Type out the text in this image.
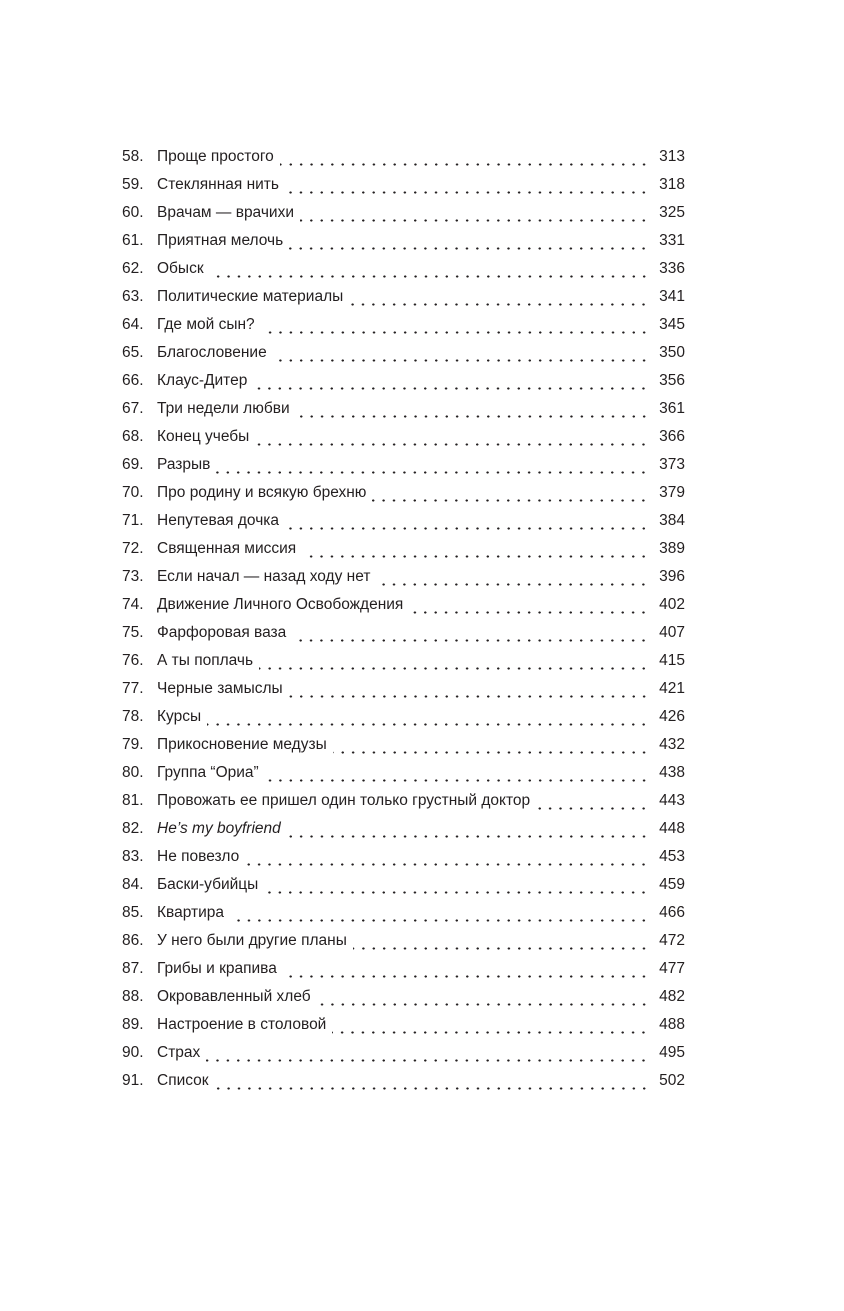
58. Проще простого	313
59. Стеклянная нить	318
60. Врачам — врачихи	325
61. Приятная мелочь	331
62. Обыск	336
63. Политические материалы	341
64. Где мой сын?	345
65. Благословение	350
66. Клаус-Дитер	356
67. Три недели любви	361
68. Конец учебы	366
69. Разрыв	373
70. Про родину и всякую брехню	379
71. Непутевая дочка	384
72. Священная миссия	389
73. Если начал — назад ходу нет	396
74. Движение Личного Освобождения	402
75. Фарфоровая ваза	407
76. А ты поплачь	415
77. Черные замыслы	421
78. Курсы	426
79. Прикосновение медузы	432
80. Группа “Ориа”	438
81. Провожать ее пришел один только грустный доктор	443
82. He’s my boyfriend	448
83. Не повезло	453
84. Баски-убийцы	459
85. Квартира	466
86. У него были другие планы	472
87. Грибы и крапива	477
88. Окровавленный хлеб	482
89. Настроение в столовой	488
90. Страх	495
91. Список	502
